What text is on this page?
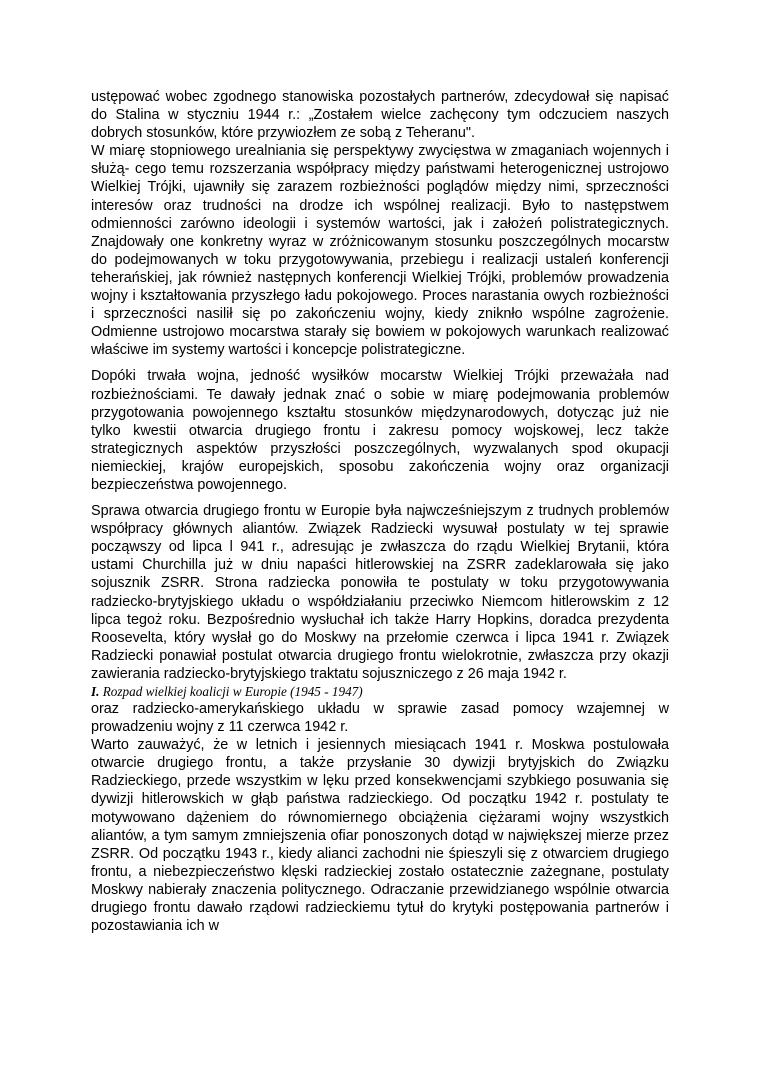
ustępować wobec zgodnego stanowiska pozostałych partnerów, zdecydował się napisać do Stalina w styczniu 1944 r.: „Zostałem wielce zachęcony tym odczuciem naszych dobrych stosunków, które przywiozłem ze sobą z Teheranu".

W miarę stopniowego urealniania się perspektywy zwycięstwa w zmaganiach wojennych i służą- cego temu rozszerzania współpracy między państwami heterogenicznej ustrojowo Wielkiej Trójki, ujawniły się zarazem rozbieżności poglądów między nimi, sprzeczności interesów oraz trudności na drodze ich wspólnej realizacji. Było to następstwem odmienności zarówno ideologii i systemów wartości, jak i założeń polistrategicznych. Znajdowały one konkretny wyraz w zróżnicowanym stosunku poszczególnych mocarstw do podejmowanych w toku przygotowywania, przebiegu i realizacji ustaleń konferencji teherańskiej, jak również następnych konferencji Wielkiej Trójki, problemów prowadzenia wojny i kształtowania przyszłego ładu pokojowego. Proces narastania owych rozbieżności i sprzeczności nasilił się po zakończeniu wojny, kiedy zniknło wspólne zagrożenie. Odmienne ustrojowo mocarstwa starały się bowiem w pokojowych warunkach realizować właściwe im systemy wartości i koncepcje polistrategiczne.

Dopóki trwała wojna, jedność wysiłków mocarstw Wielkiej Trójki przeważała nad rozbieżnościami. Te dawały jednak znać o sobie w miarę podejmowania problemów przygotowania powojennego kształtu stosunków międzynarodowych, dotycząc już nie tylko kwestii otwarcia drugiego frontu i zakresu pomocy wojskowej, lecz także strategicznych aspektów przyszłości poszczególnych, wyzwalanych spod okupacji niemieckiej, krajów europejskich, sposobu zakończenia wojny oraz organizacji bezpieczeństwa powojennego.

Sprawa otwarcia drugiego frontu w Europie była najwcześniejszym z trudnych problemów współpracy głównych aliantów. Związek Radziecki wysuwał postulaty w tej sprawie począwszy od lipca l 941 r., adresując je zwłaszcza do rządu Wielkiej Brytanii, która ustami Churchilla już w dniu napaści hitlerowskiej na ZSRR zadeklarowała się jako sojusznik ZSRR. Strona radziecka ponowiła te postulaty w toku przygotowywania radziecko-brytyjskiego układu o współdziałaniu przeciwko Niemcom hitlerowskim z 12 lipca tegoż roku. Bezpośrednio wysłuchał ich także Harry Hopkins, doradca prezydenta Roosevelta, który wysłał go do Moskwy na przełomie czerwca i lipca 1941 r. Związek Radziecki ponawiał postulat otwarcia drugiego frontu wielokrotnie, zwłaszcza przy okazji zawierania radziecko-brytyjskiego traktatu sojuszniczego z 26 maja 1942 r.

I. Rozpad wielkiej koalicji w Europie (1945 - 1947)

oraz radziecko-amerykańskiego układu w sprawie zasad pomocy wzajemnej w prowadzeniu wojny z 11 czerwca 1942 r.

Warto zauważyć, że w letnich i jesiennych miesiącach 1941 r. Moskwa postulowała otwarcie drugiego frontu, a także przysłanie 30 dywizji brytyjskich do Związku Radzieckiego, przede wszystkim w lęku przed konsekwencjami szybkiego posuwania się dywizji hitlerowskich w głąb państwa radzieckiego. Od początku 1942 r. postulaty te motywowano dążeniem do równomiernego obciążenia ciężarami wojny wszystkich aliantów, a tym samym zmniejszenia ofiar ponoszonych dotąd w największej mierze przez ZSRR. Od początku 1943 r., kiedy alianci zachodni nie śpieszyli się z otwarciem drugiego frontu, a niebezpieczeństwo klęski radzieckiej zostało ostatecznie zażegnane, postulaty Moskwy nabierały znaczenia politycznego. Odraczanie przewidzianego wspólnie otwarcia drugiego frontu dawało rządowi radzieckiemu tytuł do krytyki postępowania partnerów i pozostawiania ich w
